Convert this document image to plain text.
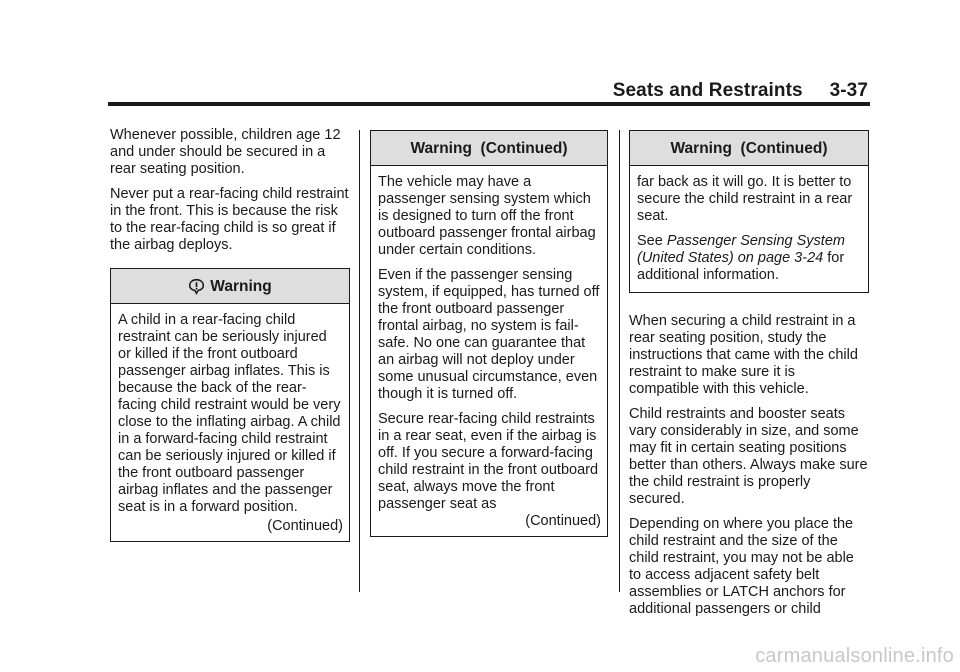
Seats and Restraints     3-37

Whenever possible, children age 12 and under should be secured in a rear seating position.

Never put a rear-facing child restraint in the front. This is because the risk to the rear-facing child is so great if the airbag deploys.

Warning

A child in a rear-facing child restraint can be seriously injured or killed if the front outboard passenger airbag inflates. This is because the back of the rear-facing child restraint would be very close to the inflating airbag. A child in a forward-facing child restraint can be seriously injured or killed if the front outboard passenger airbag inflates and the passenger seat is in a forward position.

(Continued)
Warning  (Continued)

The vehicle may have a passenger sensing system which is designed to turn off the front outboard passenger frontal airbag under certain conditions.

Even if the passenger sensing system, if equipped, has turned off the front outboard passenger frontal airbag, no system is fail-safe. No one can guarantee that an airbag will not deploy under some unusual circumstance, even though it is turned off.

Secure rear-facing child restraints in a rear seat, even if the airbag is off. If you secure a forward-facing child restraint in the front outboard seat, always move the front passenger seat as

(Continued)
Warning  (Continued)

far back as it will go. It is better to secure the child restraint in a rear seat.

See Passenger Sensing System (United States) on page 3-24 for additional information.

When securing a child restraint in a rear seating position, study the instructions that came with the child restraint to make sure it is compatible with this vehicle.

Child restraints and booster seats vary considerably in size, and some may fit in certain seating positions better than others. Always make sure the child restraint is properly secured.

Depending on where you place the child restraint and the size of the child restraint, you may not be able to access adjacent safety belt assemblies or LATCH anchors for additional passengers or child

carmanualsonline.info
